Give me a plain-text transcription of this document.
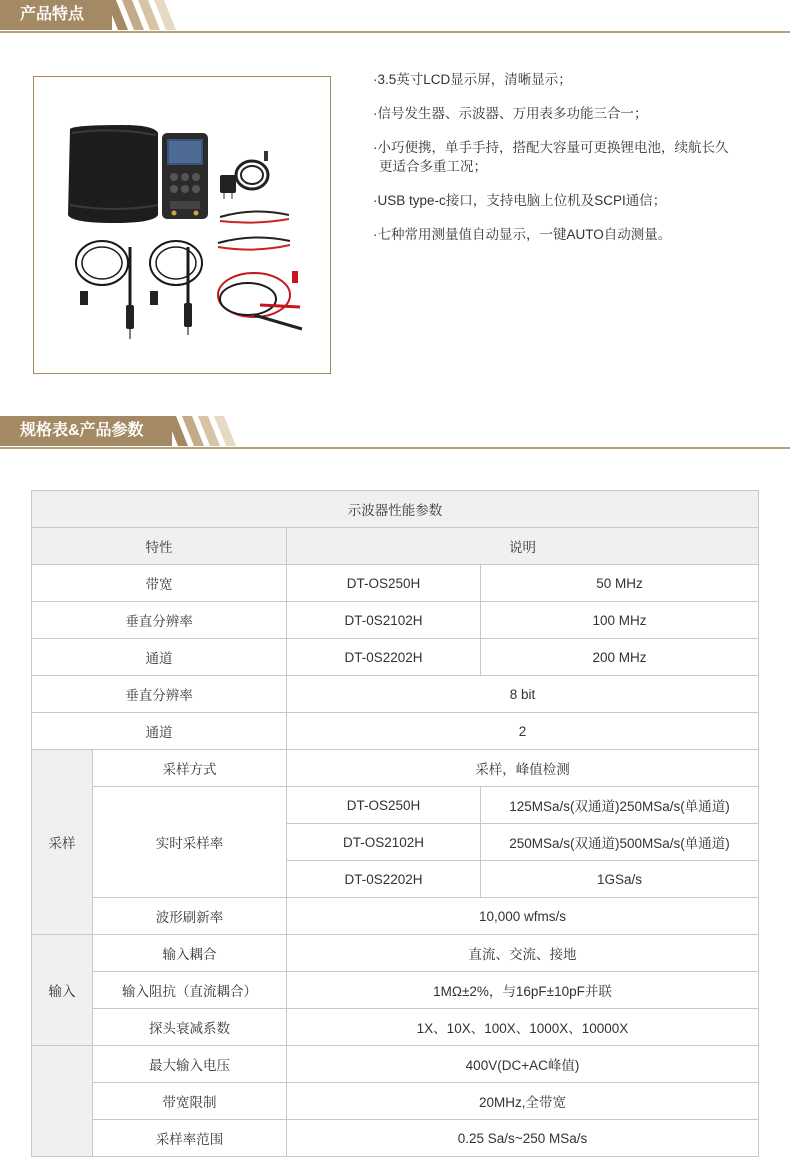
产品特点
·3.5英寸LCD显示屏，清晰显示；
·信号发生器、示波器、万用表多功能三合一；
·小巧便携，单手手持，搭配大容量可更换锂电池，续航长久
更适合多重工况；
·USB type-c接口，支持电脑上位机及SCPI通信；
·七种常用测量值自动显示，一键AUTO自动测量。
规格表&产品参数
示波器性能参数			
特性		说明	
带宽		DT-OS250H	50 MHz
垂直分辨率		DT-0S2102H	100 MHz
通道		DT-0S2202H	200 MHz
垂直分辨率		8 bit	
通道		2	
采样	采样方式	采样，峰值检测	
	实时采样率	DT-OS250H	125MSa/s(双通道)250MSa/s(单通道)
		DT-OS2102H	250MSa/s(双通道)500MSa/s(单通道)
		DT-0S2202H	1GSa/s
	波形刷新率	10,000 wfms/s	
输入	输入耦合	直流、交流、接地	
	输入阻抗（直流耦合）	1MΩ±2%，与16pF±10pF并联	
	探头衰减系数	1X、10X、100X、1000X、10000X	
	最大输入电压	400V(DC+AC峰值)	
	带宽限制	20MHz,全带宽	
	采样率范围	0.25 Sa/s~250 MSa/s	
